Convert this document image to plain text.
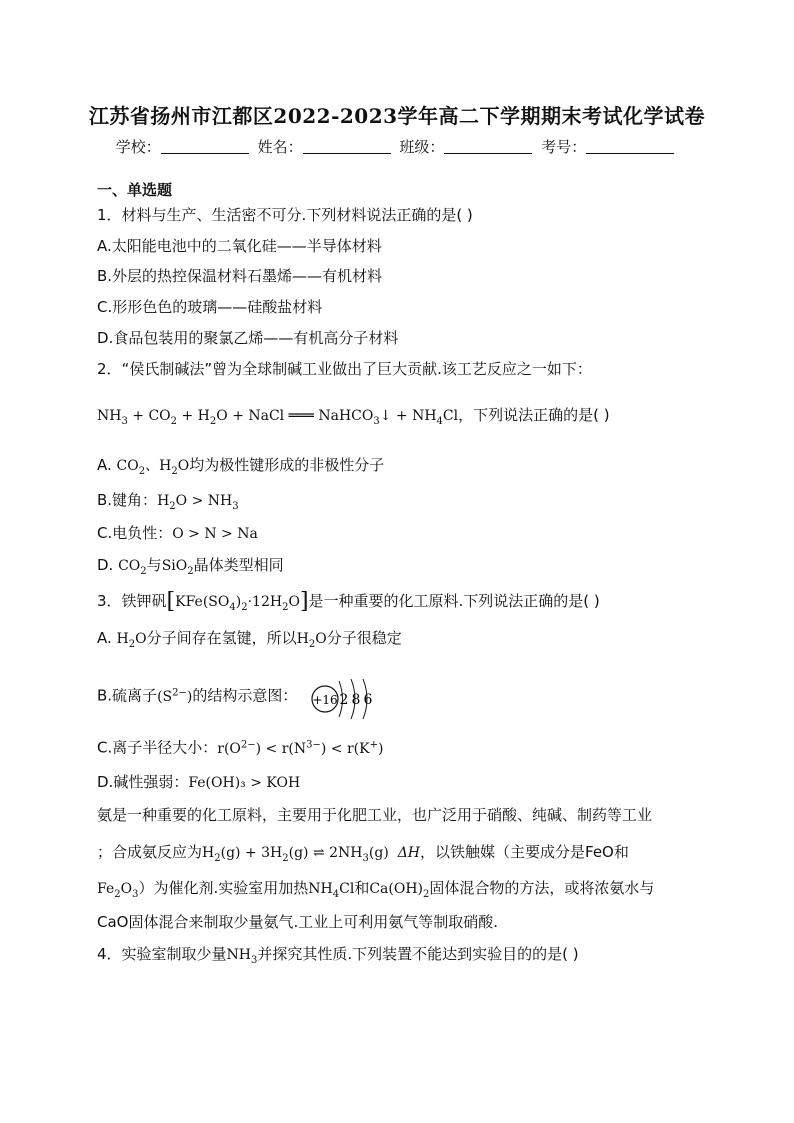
江苏省扬州市江都区2022-2023学年高二下学期期末考试化学试卷
学校：	姓名：	班级：	考号：
一、单选题
1．材料与生产、生活密不可分.下列材料说法正确的是( )
A.太阳能电池中的二氧化硅——半导体材料
B.外层的热控保温材料石墨烯——有机材料
C.形形色色的玻璃——硅酸盐材料
D.食品包装用的聚氯乙烯——有机高分子材料
2．“侯氏制碱法”曾为全球制碱工业做出了巨大贡献.该工艺反应之一如下：
$NH_3 + CO_2 + H_2O$ + NaCl ═══ NaHCO$_3$↓ + $NH_4Cl$，下列说法正确的是( )
A. $CO_2$、$H_2O$均为极性键形成的非极性分子
B.键角：$H_2O > NH_3$
C.电负性：O > N > Na
D. $CO_2$与SiO$_2$晶体类型相同
3．铁钾矾$[KFe(SO_4)_2\cdot 12H_2O]$是一种重要的化工原料.下列说法正确的是( )
A. $H_2O$分子间存在氢键，所以$H_2O$分子很稳定
B.硫离子$(S^{2-})$的结构示意图： +16 2 8 6
C.离子半径大小：$r(O^{2-}) < r(N^{3-}) < r(K^+)$
D.碱性强弱：Fe(OH)₃ > KOH
氨是一种重要的化工原料，主要用于化肥工业，也广泛用于硝酸、纯碱、制药等工业
；合成氨反应为$H_2(g) + 3H_2(g)$ ⇌ $2NH_3(g)$  ΔH，以铁触媒（主要成分是FeO和
$Fe_2O_3$）为催化剂.实验室用加热$NH_4Cl$和$Ca(OH)_2$固体混合物的方法，或将浓氨水与
CaO固体混合来制取少量氨气.工业上可利用氨气等制取硝酸.
4．实验室制取少量$NH_3$并探究其性质.下列装置不能达到实验目的的是( )
